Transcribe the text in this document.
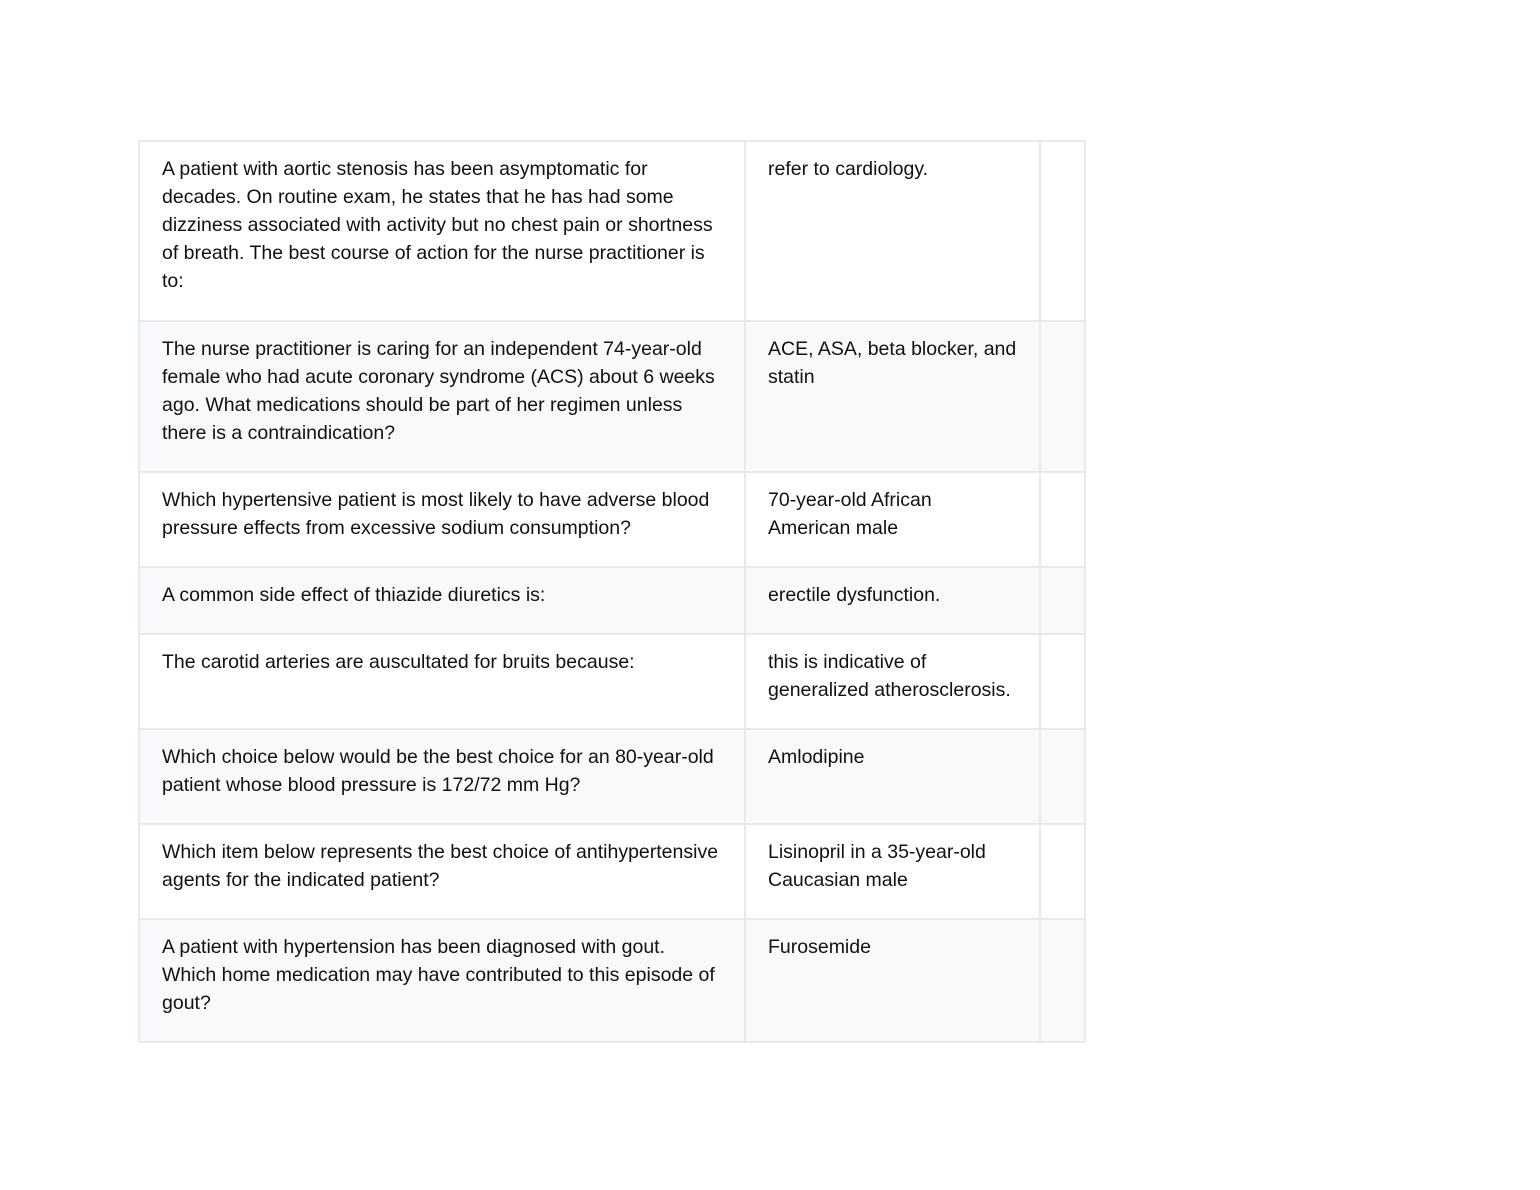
A patient with aortic stenosis has been asymptomatic for decades. On routine exam, he states that he has had some dizziness associated with activity but no chest pain or shortness of breath. The best course of action for the nurse practitioner is to:	refer to cardiology.	
The nurse practitioner is caring for an independent 74-year-old female who had acute coronary syndrome (ACS) about 6 weeks ago. What medications should be part of her regimen unless there is a contraindication?	ACE, ASA, beta blocker, and statin	
Which hypertensive patient is most likely to have adverse blood pressure effects from excessive sodium consumption?	70-year-old African American male	
A common side effect of thiazide diuretics is:	erectile dysfunction.	
The carotid arteries are auscultated for bruits because:	this is indicative of generalized atherosclerosis.	
Which choice below would be the best choice for an 80-year-old patient whose blood pressure is 172/72 mm Hg?	Amlodipine	
Which item below represents the best choice of antihypertensive agents for the indicated patient?	Lisinopril in a 35-year-old Caucasian male	
A patient with hypertension has been diagnosed with gout. Which home medication may have contributed to this episode of gout?	Furosemide	
